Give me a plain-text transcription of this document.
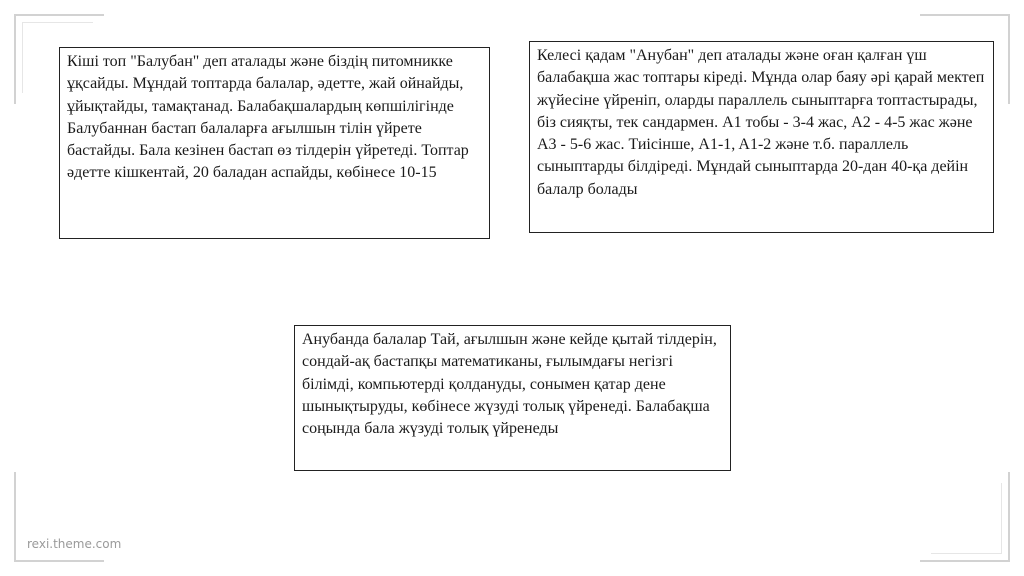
Кіші топ "Балубан" деп аталады және біздің питомникке ұқсайды. Мұндай топтарда балалар, әдетте, жай ойнайды, ұйықтайды, тамақтанад. Балабақшалардың көпшілігінде Балубаннан бастап балаларға ағылшын тілін үйрете бастайды. Бала кезінен бастап өз тілдерін үйретеді. Топтар әдетте кішкентай, 20 баладан аспайды, көбінесе 10-15
Келесі қадам "Анубан" деп аталады және оған қалған үш балабақша жас топтары кіреді. Мұнда олар баяу әрі қарай мектеп жүйесіне үйреніп, оларды параллель сыныптарға топтастырады, біз сияқты, тек сандармен. A1 тобы - 3-4 жас, A2 - 4-5 жас және A3 - 5-6 жас. Тиісінше, A1-1, A1-2 және т.б. параллель сыныптарды білдіреді. Мұндай сыныптарда 20-дан 40-қа дейін балалр болады
Анубанда балалар Тай, ағылшын және кейде қытай тілдерін, сондай-ақ бастапқы математиканы, ғылымдағы негізгі білімді, компьютерді қолдануды, сонымен қатар дене шынықтыруды, көбінесе жүзуді толық үйренеді. Балабақша соңында бала жүзуді толық үйренеды
rexi.theme.com
